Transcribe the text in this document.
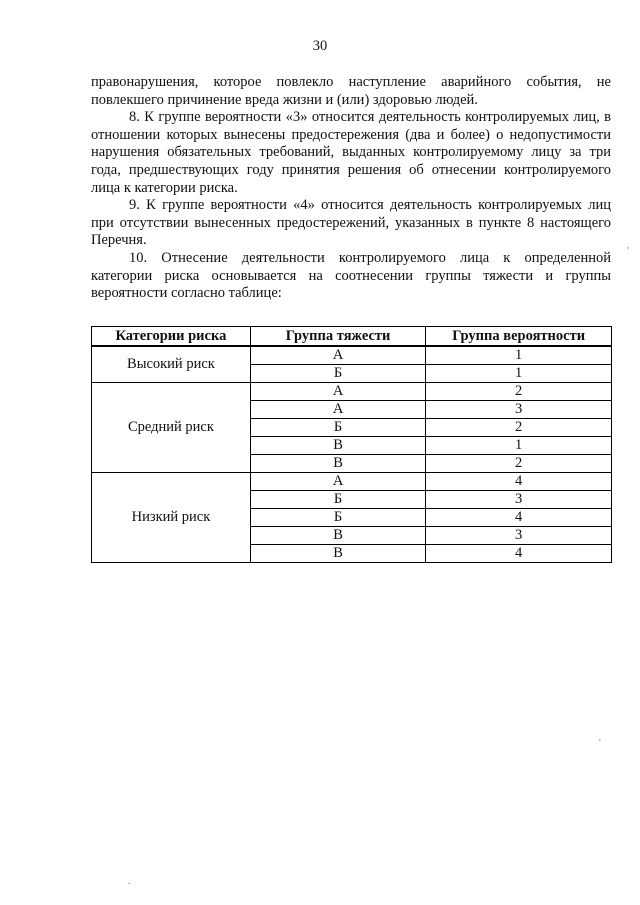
30

правонарушения, которое повлекло наступление аварийного события, не повлекшего причинение вреда жизни и (или) здоровью людей.

8. К группе вероятности «3» относится деятельность контролируемых лиц, в отношении которых вынесены предостережения (два и более) о недопустимости нарушения обязательных требований, выданных контролируемому лицу за три года, предшествующих году принятия решения об отнесении контролируемого лица к категории риска.

9. К группе вероятности «4» относится деятельность контролируемых лиц при отсутствии вынесенных предостережений, указанных в пункте 8 настоящего Перечня.

10. Отнесение деятельности контролируемого лица к определенной категории риска основывается на соотнесении группы тяжести и группы вероятности согласно таблице:

Категории риска	Группа тяжести	Группа вероятности
Высокий риск	А	1
	Б	1
Средний риск	А	2
	А	3
	Б	2
	В	1
	В	2
Низкий риск	А	4
	Б	3
	Б	4
	В	3
	В	4
'
'
.
